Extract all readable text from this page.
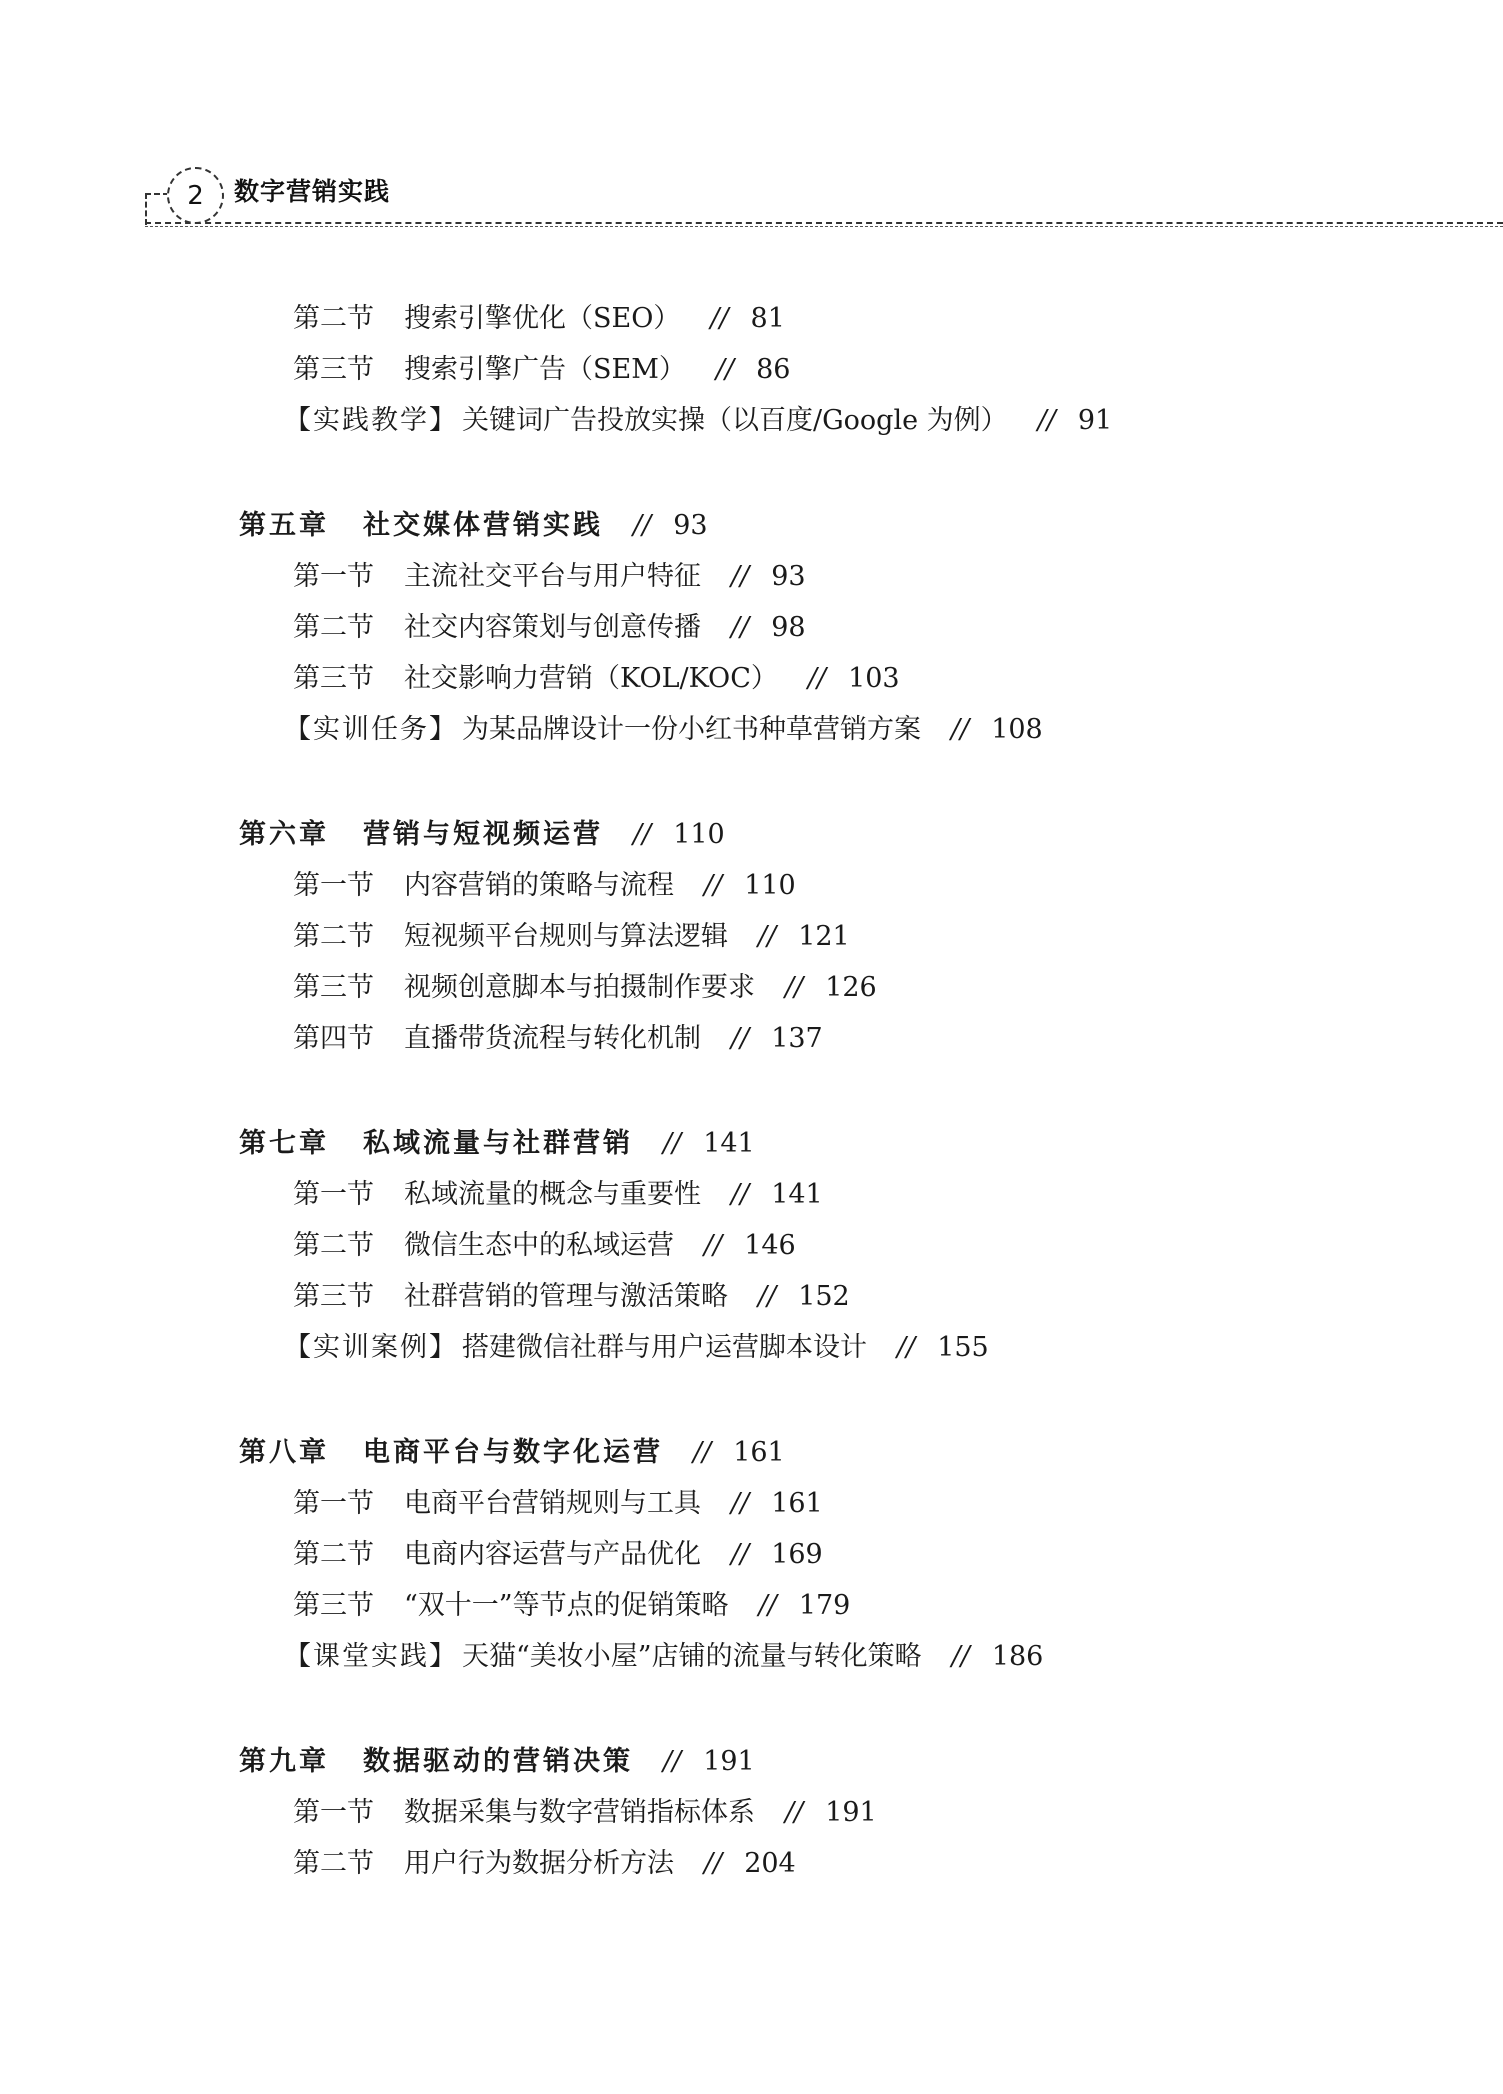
2 数字营销实践
第二节 搜索引擎优化（SEO） // 81
第三节 搜索引擎广告（SEM） // 86
【实践教学】 关键词广告投放实操（以百度/Google 为例） // 91
第五章 社交媒体营销实践 // 93
第一节 主流社交平台与用户特征 // 93
第二节 社交内容策划与创意传播 // 98
第三节 社交影响力营销（KOL/KOC） // 103
【实训任务】 为某品牌设计一份小红书种草营销方案 // 108
第六章 营销与短视频运营 // 110
第一节 内容营销的策略与流程 // 110
第二节 短视频平台规则与算法逻辑 // 121
第三节 视频创意脚本与拍摄制作要求 // 126
第四节 直播带货流程与转化机制 // 137
第七章 私域流量与社群营销 // 141
第一节 私域流量的概念与重要性 // 141
第二节 微信生态中的私域运营 // 146
第三节 社群营销的管理与激活策略 // 152
【实训案例】 搭建微信社群与用户运营脚本设计 // 155
第八章 电商平台与数字化运营 // 161
第一节 电商平台营销规则与工具 // 161
第二节 电商内容运营与产品优化 // 169
第三节 “双十一”等节点的促销策略 // 179
【课堂实践】 天猫“美妆小屋”店铺的流量与转化策略 // 186
第九章 数据驱动的营销决策 // 191
第一节 数据采集与数字营销指标体系 // 191
第二节 用户行为数据分析方法 // 204
